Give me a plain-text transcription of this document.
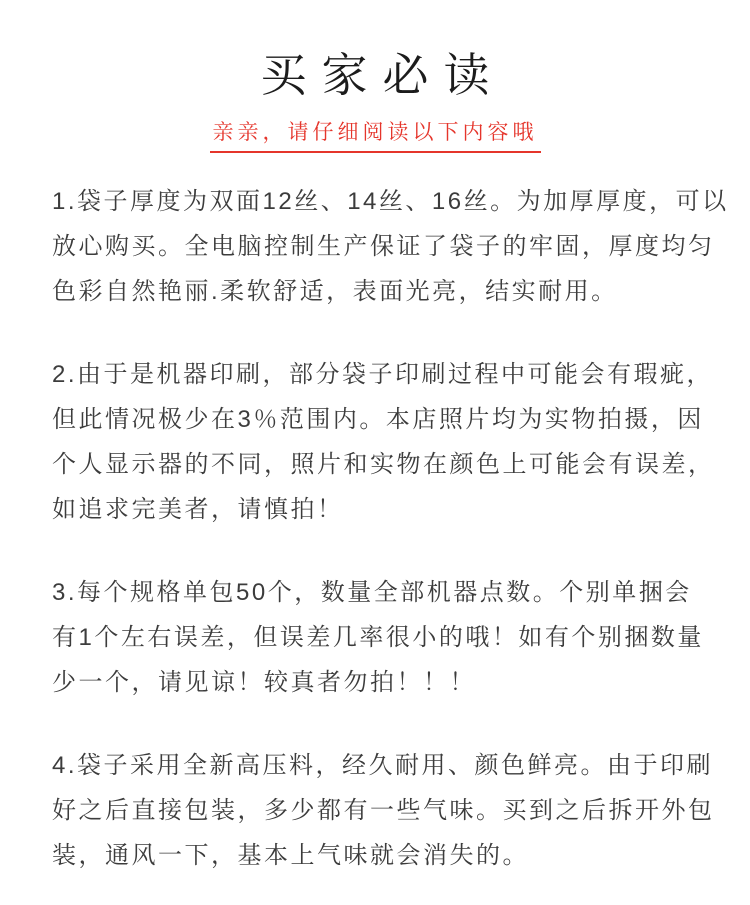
买家必读
亲亲，请仔细阅读以下内容哦
1.袋子厚度为双面12丝、14丝、16丝。为加厚厚度，可以
放心购买。全电脑控制生产保证了袋子的牢固，厚度均匀
色彩自然艳丽.柔软舒适，表面光亮，结实耐用。
2.由于是机器印刷，部分袋子印刷过程中可能会有瑕疵，
但此情况极少在3％范围内。本店照片均为实物拍摄，因
个人显示器的不同，照片和实物在颜色上可能会有误差，
如追求完美者，请慎拍！
3.每个规格单包50个，数量全部机器点数。个别单捆会
有1个左右误差，但误差几率很小的哦！如有个别捆数量
少一个，请见谅！较真者勿拍！！！
4.袋子采用全新高压料，经久耐用、颜色鲜亮。由于印刷
好之后直接包装，多少都有一些气味。买到之后拆开外包
装，通风一下，基本上气味就会消失的。
